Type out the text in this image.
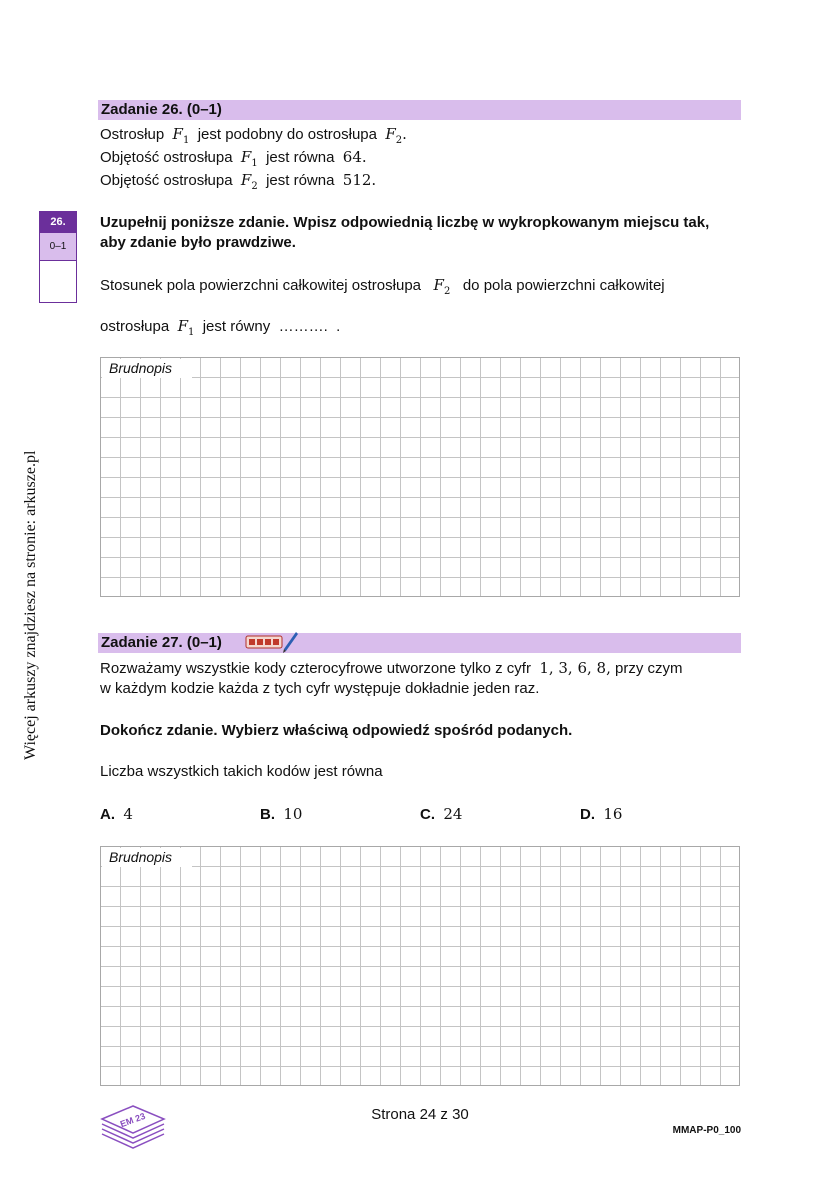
Więcej arkuszy znajdziesz na stronie: arkusze.pl
Zadanie 26. (0–1)
Ostrosłup $F_1$ jest podobny do ostrosłupa $F_2$.
Objętość ostrosłupa $F_1$ jest równa 64.
Objętość ostrosłupa $F_2$ jest równa 512.
26.
0–1
Uzupełnij poniższe zdanie. Wpisz odpowiednią liczbę w wykropkowanym miejscu tak,
aby zdanie było prawdziwe.
Stosunek pola powierzchni całkowitej ostrosłupa $F_2$ do pola powierzchni całkowitej
ostrosłupa $F_1$ jest równy ………. .
Brudnopis
Zadanie 27. (0–1)
Rozważamy wszystkie kody czterocyfrowe utworzone tylko z cyfr 1, 3, 6, 8, przy czym
w każdym kodzie każda z tych cyfr występuje dokładnie jeden raz.
Dokończ zdanie. Wybierz właściwą odpowiedź spośród podanych.
Liczba wszystkich takich kodów jest równa
A. 4	B. 10	C. 24	D. 16
Brudnopis
EM 23	Strona 24 z 30
MMAP-P0_100
